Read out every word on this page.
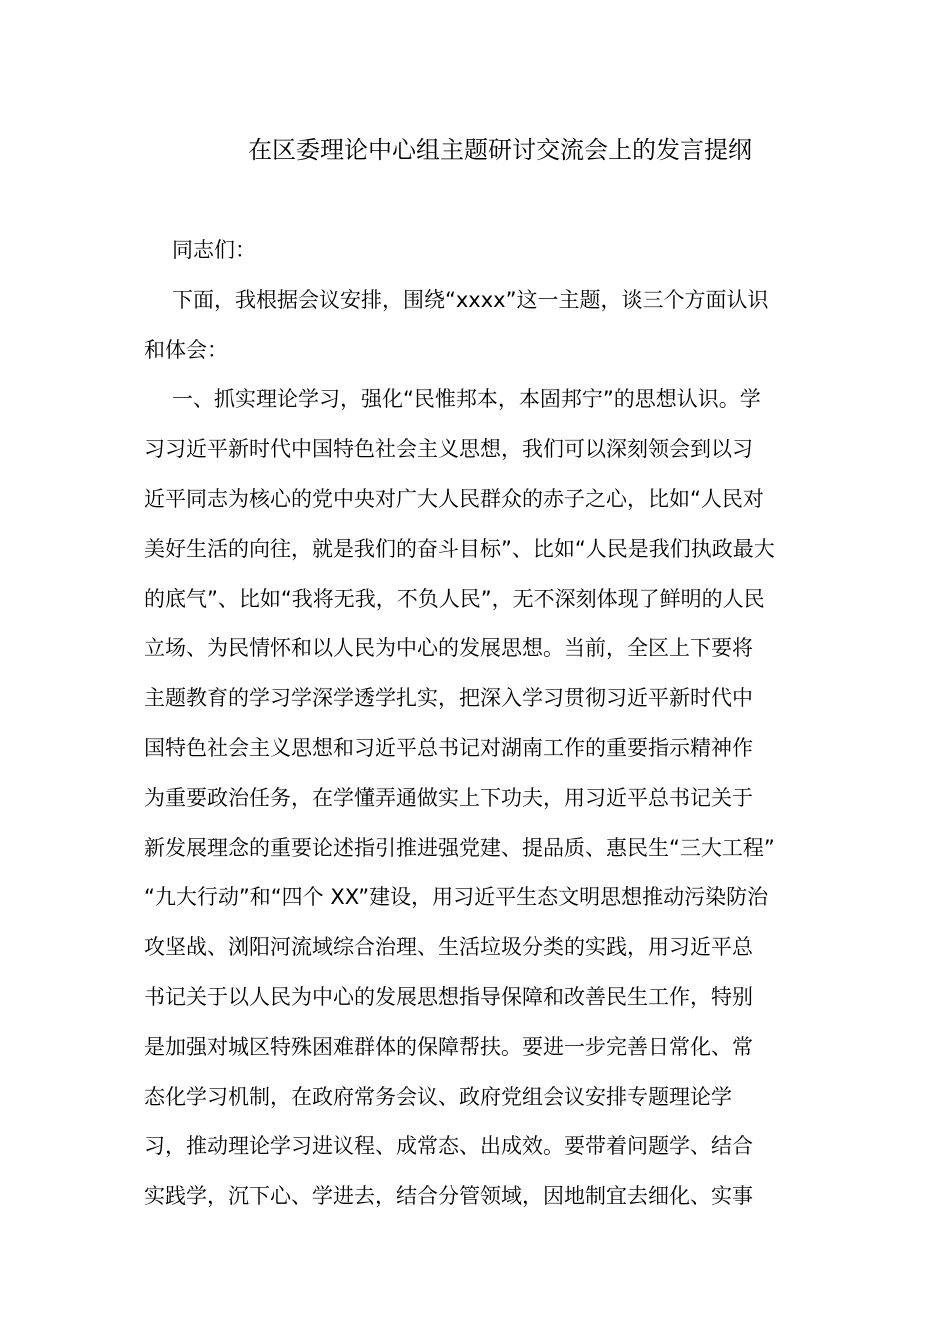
在区委理论中心组主题研讨交流会上的发言提纲
同志们：
下面，我根据会议安排，围绕“xxxx”这一主题，谈三个方面认识
和体会：
一、抓实理论学习，强化“民惟邦本，本固邦宁”的思想认识。学
习习近平新时代中国特色社会主义思想，我们可以深刻领会到以习
近平同志为核心的党中央对广大人民群众的赤子之心，比如“人民对
美好生活的向往，就是我们的奋斗目标”、比如“人民是我们执政最大
的底气”、比如“我将无我，不负人民”，无不深刻体现了鲜明的人民
立场、为民情怀和以人民为中心的发展思想。当前，全区上下要将
主题教育的学习学深学透学扎实，把深入学习贯彻习近平新时代中
国特色社会主义思想和习近平总书记对湖南工作的重要指示精神作
为重要政治任务，在学懂弄通做实上下功夫，用习近平总书记关于
新发展理念的重要论述指引推进强党建、提品质、惠民生“三大工程”
“九大行动”和“四个 XX”建设，用习近平生态文明思想推动污染防治
攻坚战、浏阳河流域综合治理、生活垃圾分类的实践，用习近平总
书记关于以人民为中心的发展思想指导保障和改善民生工作，特别
是加强对城区特殊困难群体的保障帮扶。要进一步完善日常化、常
态化学习机制，在政府常务会议、政府党组会议安排专题理论学
习，推动理论学习进议程、成常态、出成效。要带着问题学、结合
实践学，沉下心、学进去，结合分管领域，因地制宜去细化、实事
